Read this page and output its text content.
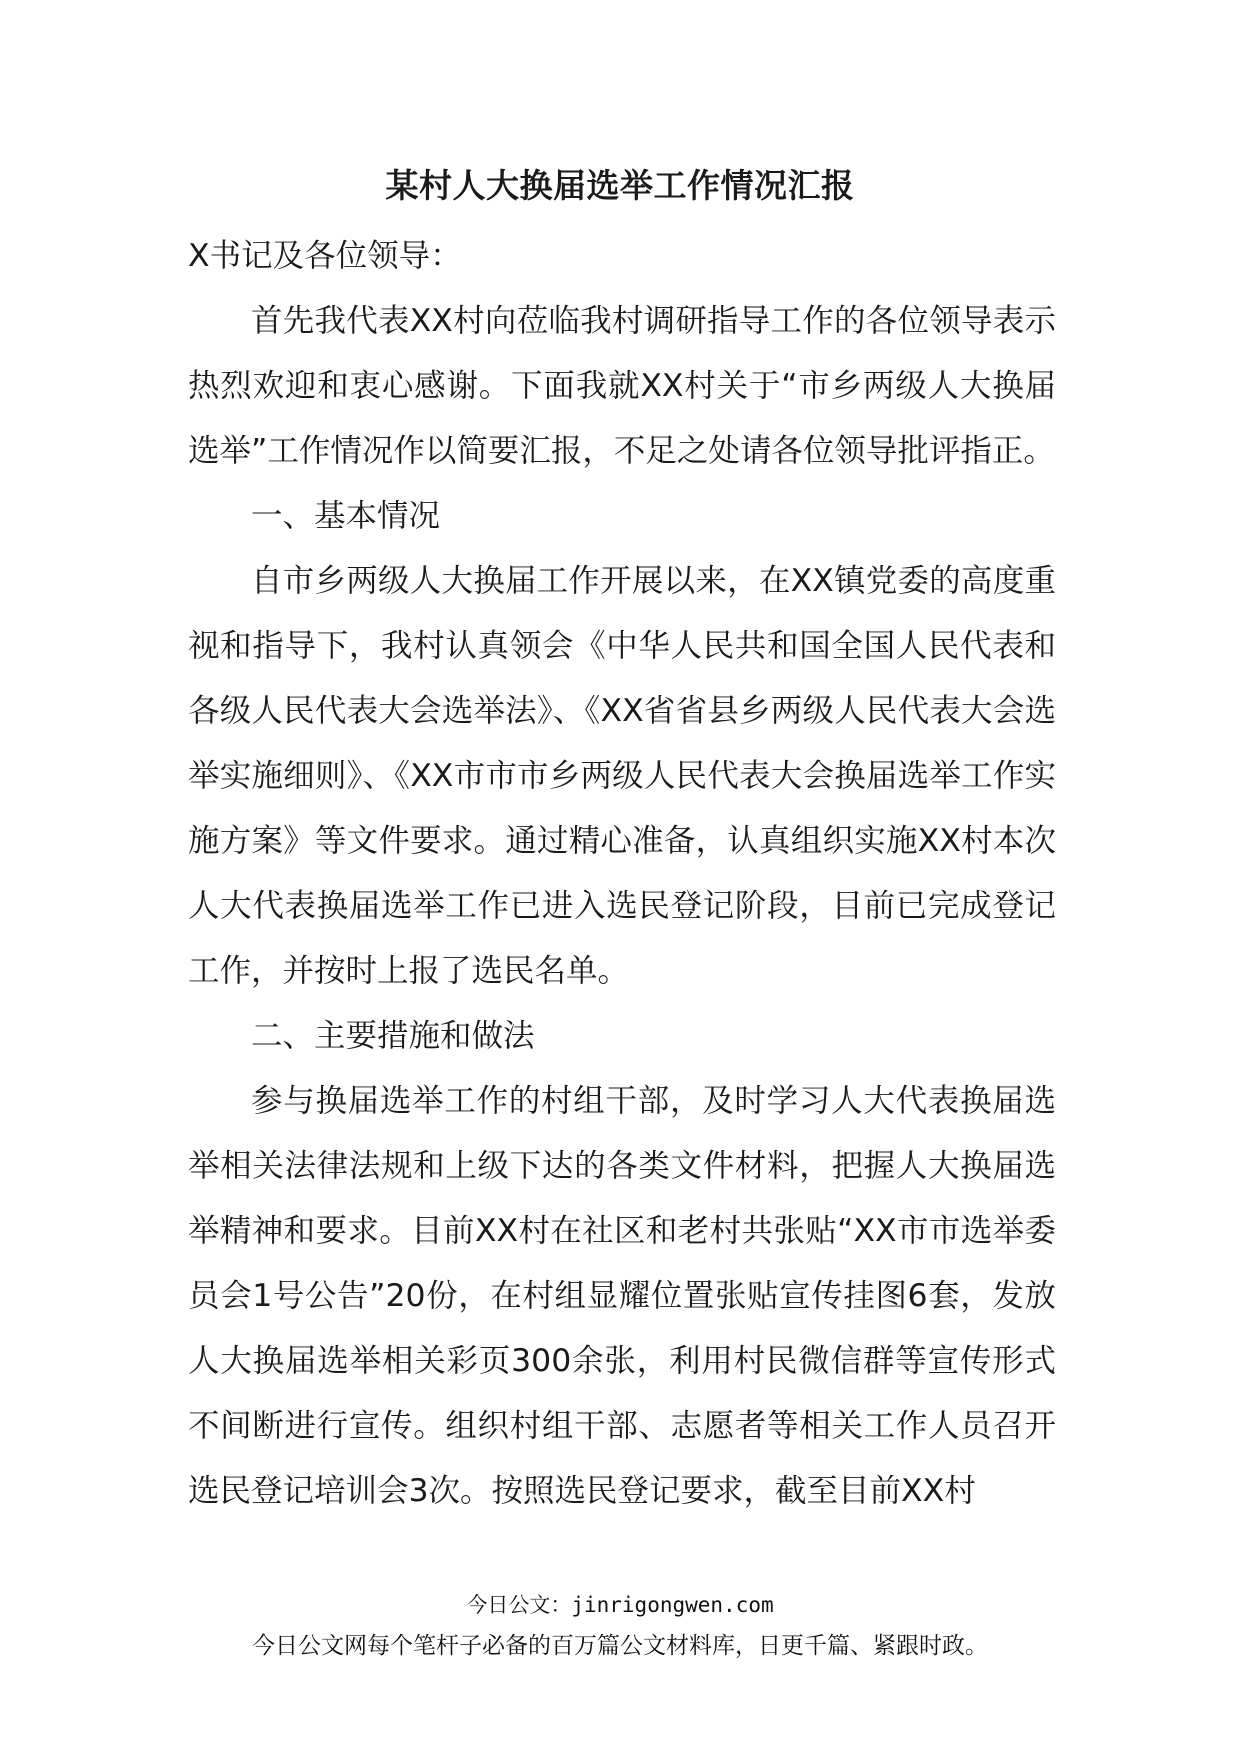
某村人大换届选举工作情况汇报

X书记及各位领导：

首先我代表XX村向莅临我村调研指导工作的各位领导表示热烈欢迎和衷心感谢。下面我就XX村关于“市乡两级人大换届选举”工作情况作以简要汇报，不足之处请各位领导批评指正。

一、基本情况

自市乡两级人大换届工作开展以来，在XX镇党委的高度重视和指导下，我村认真领会《中华人民共和国全国人民代表和各级人民代表大会选举法》、《XX省省县乡两级人民代表大会选举实施细则》、《XX市市市乡两级人民代表大会换届选举工作实施方案》等文件要求。通过精心准备，认真组织实施XX村本次人大代表换届选举工作已进入选民登记阶段，目前已完成登记工作，并按时上报了选民名单。

二、主要措施和做法

参与换届选举工作的村组干部，及时学习人大代表换届选举相关法律法规和上级下达的各类文件材料，把握人大换届选举精神和要求。目前XX村在社区和老村共张贴“XX市市选举委员会1号公告”20份，在村组显耀位置张贴宣传挂图6套，发放人大换届选举相关彩页300余张，利用村民微信群等宣传形式不间断进行宣传。组织村组干部、志愿者等相关工作人员召开选民登记培训会3次。按照选民登记要求，截至目前XX村

今日公文：jinrigongwen.com
今日公文网每个笔杆子必备的百万篇公文材料库，日更千篇、紧跟时政。
